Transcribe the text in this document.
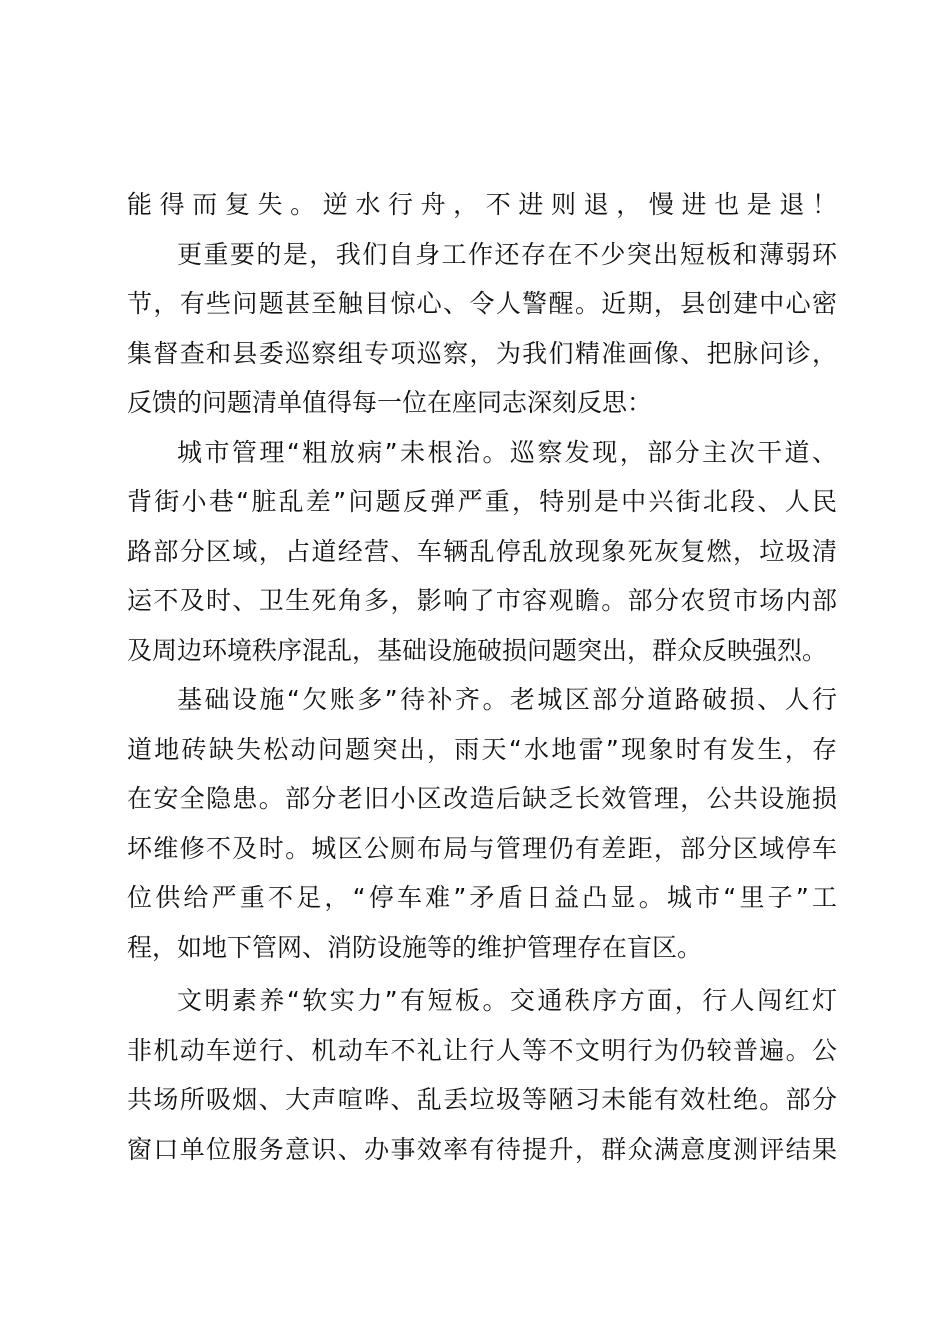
能得而复失。逆水行舟，不进则退，慢进也是退！
更重要的是，我们自身工作还存在不少突出短板和薄弱环
节，有些问题甚至触目惊心、令人警醒。近期，县创建中心密
集督查和县委巡察组专项巡察，为我们精准画像、把脉问诊，
反馈的问题清单值得每一位在座同志深刻反思：
城市管理“粗放病”未根治。巡察发现，部分主次干道、
背街小巷“脏乱差”问题反弹严重，特别是中兴街北段、人民
路部分区域，占道经营、车辆乱停乱放现象死灰复燃，垃圾清
运不及时、卫生死角多，影响了市容观瞻。部分农贸市场内部
及周边环境秩序混乱，基础设施破损问题突出，群众反映强烈。
基础设施“欠账多”待补齐。老城区部分道路破损、人行
道地砖缺失松动问题突出，雨天“水地雷”现象时有发生，存
在安全隐患。部分老旧小区改造后缺乏长效管理，公共设施损
坏维修不及时。城区公厕布局与管理仍有差距，部分区域停车
位供给严重不足，“停车难”矛盾日益凸显。城市“里子”工
程，如地下管网、消防设施等的维护管理存在盲区。
文明素养“软实力”有短板。交通秩序方面，行人闯红灯
非机动车逆行、机动车不礼让行人等不文明行为仍较普遍。公
共场所吸烟、大声喧哗、乱丢垃圾等陋习未能有效杜绝。部分
窗口单位服务意识、办事效率有待提升，群众满意度测评结果
